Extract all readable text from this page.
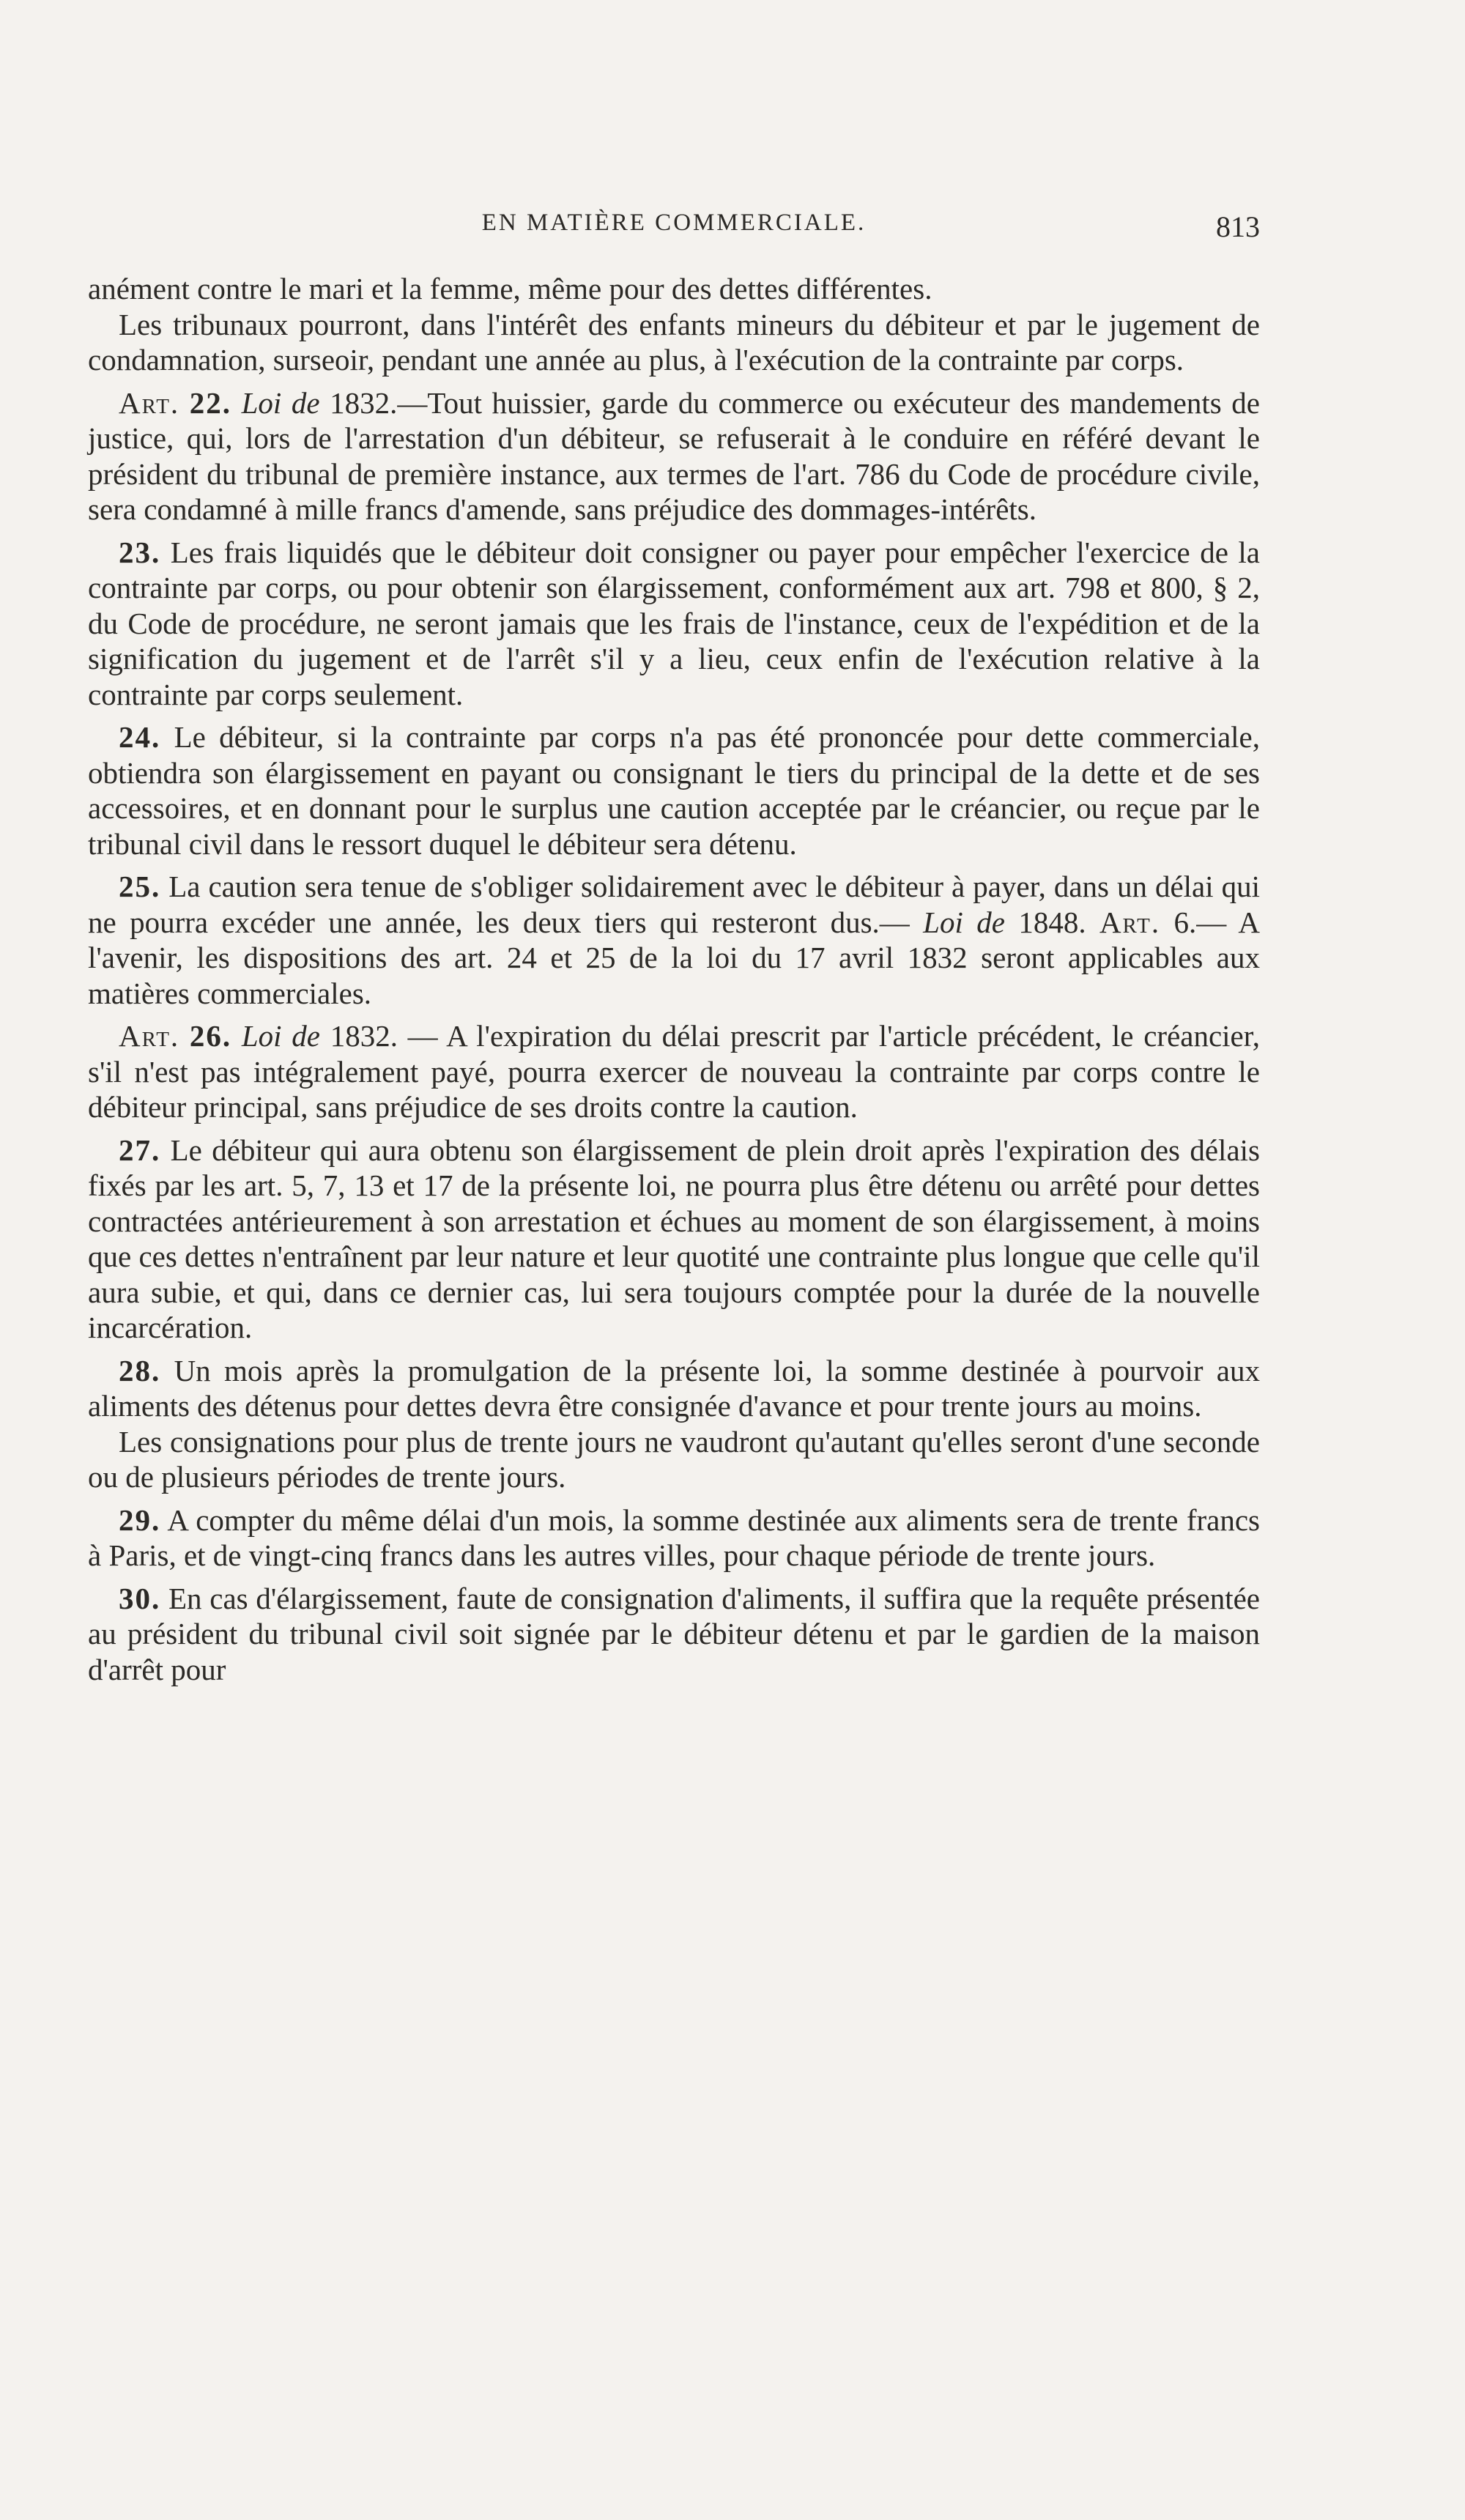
EN MATIÈRE COMMERCIALE.	813

anément contre le mari et la femme, même pour des dettes différentes.

Les tribunaux pourront, dans l'intérêt des enfants mineurs du débiteur et par le jugement de condamnation, surseoir, pendant une année au plus, à l'exécution de la contrainte par corps.

Art. 22. Loi de 1832.—Tout huissier, garde du commerce ou exécuteur des mandements de justice, qui, lors de l'arrestation d'un débiteur, se refuserait à le conduire en référé devant le président du tribunal de première instance, aux termes de l'art. 786 du Code de procédure civile, sera condamné à mille francs d'amende, sans préjudice des dommages-intérêts.

23. Les frais liquidés que le débiteur doit consigner ou payer pour empêcher l'exercice de la contrainte par corps, ou pour obtenir son élargissement, conformément aux art. 798 et 800, § 2, du Code de procédure, ne seront jamais que les frais de l'instance, ceux de l'expédition et de la signification du jugement et de l'arrêt s'il y a lieu, ceux enfin de l'exécution relative à la contrainte par corps seulement.

24. Le débiteur, si la contrainte par corps n'a pas été prononcée pour dette commerciale, obtiendra son élargissement en payant ou consignant le tiers du principal de la dette et de ses accessoires, et en donnant pour le surplus une caution acceptée par le créancier, ou reçue par le tribunal civil dans le ressort duquel le débiteur sera détenu.

25. La caution sera tenue de s'obliger solidairement avec le débiteur à payer, dans un délai qui ne pourra excéder une année, les deux tiers qui resteront dus.— Loi de 1848. Art. 6.— A l'avenir, les dispositions des art. 24 et 25 de la loi du 17 avril 1832 seront applicables aux matières commerciales.

Art. 26. Loi de 1832. — A l'expiration du délai prescrit par l'article précédent, le créancier, s'il n'est pas intégralement payé, pourra exercer de nouveau la contrainte par corps contre le débiteur principal, sans préjudice de ses droits contre la caution.

27. Le débiteur qui aura obtenu son élargissement de plein droit après l'expiration des délais fixés par les art. 5, 7, 13 et 17 de la présente loi, ne pourra plus être détenu ou arrêté pour dettes contractées antérieurement à son arrestation et échues au moment de son élargissement, à moins que ces dettes n'entraînent par leur nature et leur quotité une contrainte plus longue que celle qu'il aura subie, et qui, dans ce dernier cas, lui sera toujours comptée pour la durée de la nouvelle incarcération.

28. Un mois après la promulgation de la présente loi, la somme destinée à pourvoir aux aliments des détenus pour dettes devra être consignée d'avance et pour trente jours au moins.

Les consignations pour plus de trente jours ne vaudront qu'autant qu'elles seront d'une seconde ou de plusieurs périodes de trente jours.

29. A compter du même délai d'un mois, la somme destinée aux aliments sera de trente francs à Paris, et de vingt-cinq francs dans les autres villes, pour chaque période de trente jours.

30. En cas d'élargissement, faute de consignation d'aliments, il suffira que la requête présentée au président du tribunal civil soit signée par le débiteur détenu et par le gardien de la maison d'arrêt pour
